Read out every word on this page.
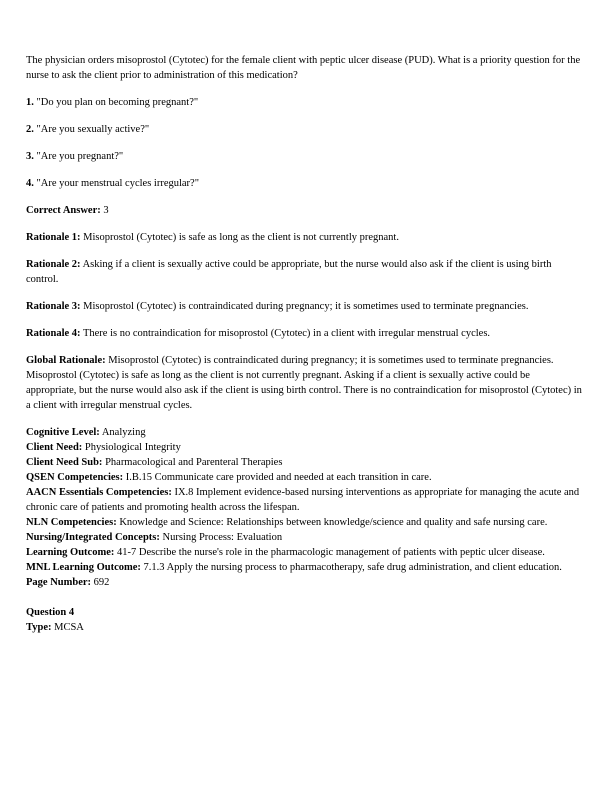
The physician orders misoprostol (Cytotec) for the female client with peptic ulcer disease (PUD). What is a priority question for the nurse to ask the client prior to administration of this medication?

1. "Do you plan on becoming pregnant?"

2. "Are you sexually active?"

3. "Are you pregnant?"

4. "Are your menstrual cycles irregular?"

Correct Answer: 3

Rationale 1: Misoprostol (Cytotec) is safe as long as the client is not currently pregnant.

Rationale 2: Asking if a client is sexually active could be appropriate, but the nurse would also ask if the client is using birth control.

Rationale 3: Misoprostol (Cytotec) is contraindicated during pregnancy; it is sometimes used to terminate pregnancies.

Rationale 4: There is no contraindication for misoprostol (Cytotec) in a client with irregular menstrual cycles.

Global Rationale: Misoprostol (Cytotec) is contraindicated during pregnancy; it is sometimes used to terminate pregnancies. Misoprostol (Cytotec) is safe as long as the client is not currently pregnant. Asking if a client is sexually active could be appropriate, but the nurse would also ask if the client is using birth control. There is no contraindication for misoprostol (Cytotec) in a client with irregular menstrual cycles.

Cognitive Level: Analyzing
Client Need: Physiological Integrity
Client Need Sub: Pharmacological and Parenteral Therapies
QSEN Competencies: I.B.15 Communicate care provided and needed at each transition in care.
AACN Essentials Competencies: IX.8 Implement evidence-based nursing interventions as appropriate for managing the acute and chronic care of patients and promoting health across the lifespan.
NLN Competencies: Knowledge and Science: Relationships between knowledge/science and quality and safe nursing care.
Nursing/Integrated Concepts: Nursing Process: Evaluation
Learning Outcome: 41-7 Describe the nurse's role in the pharmacologic management of patients with peptic ulcer disease.
MNL Learning Outcome: 7.1.3 Apply the nursing process to pharmacotherapy, safe drug administration, and client education.
Page Number: 692
Question 4
Type: MCSA
